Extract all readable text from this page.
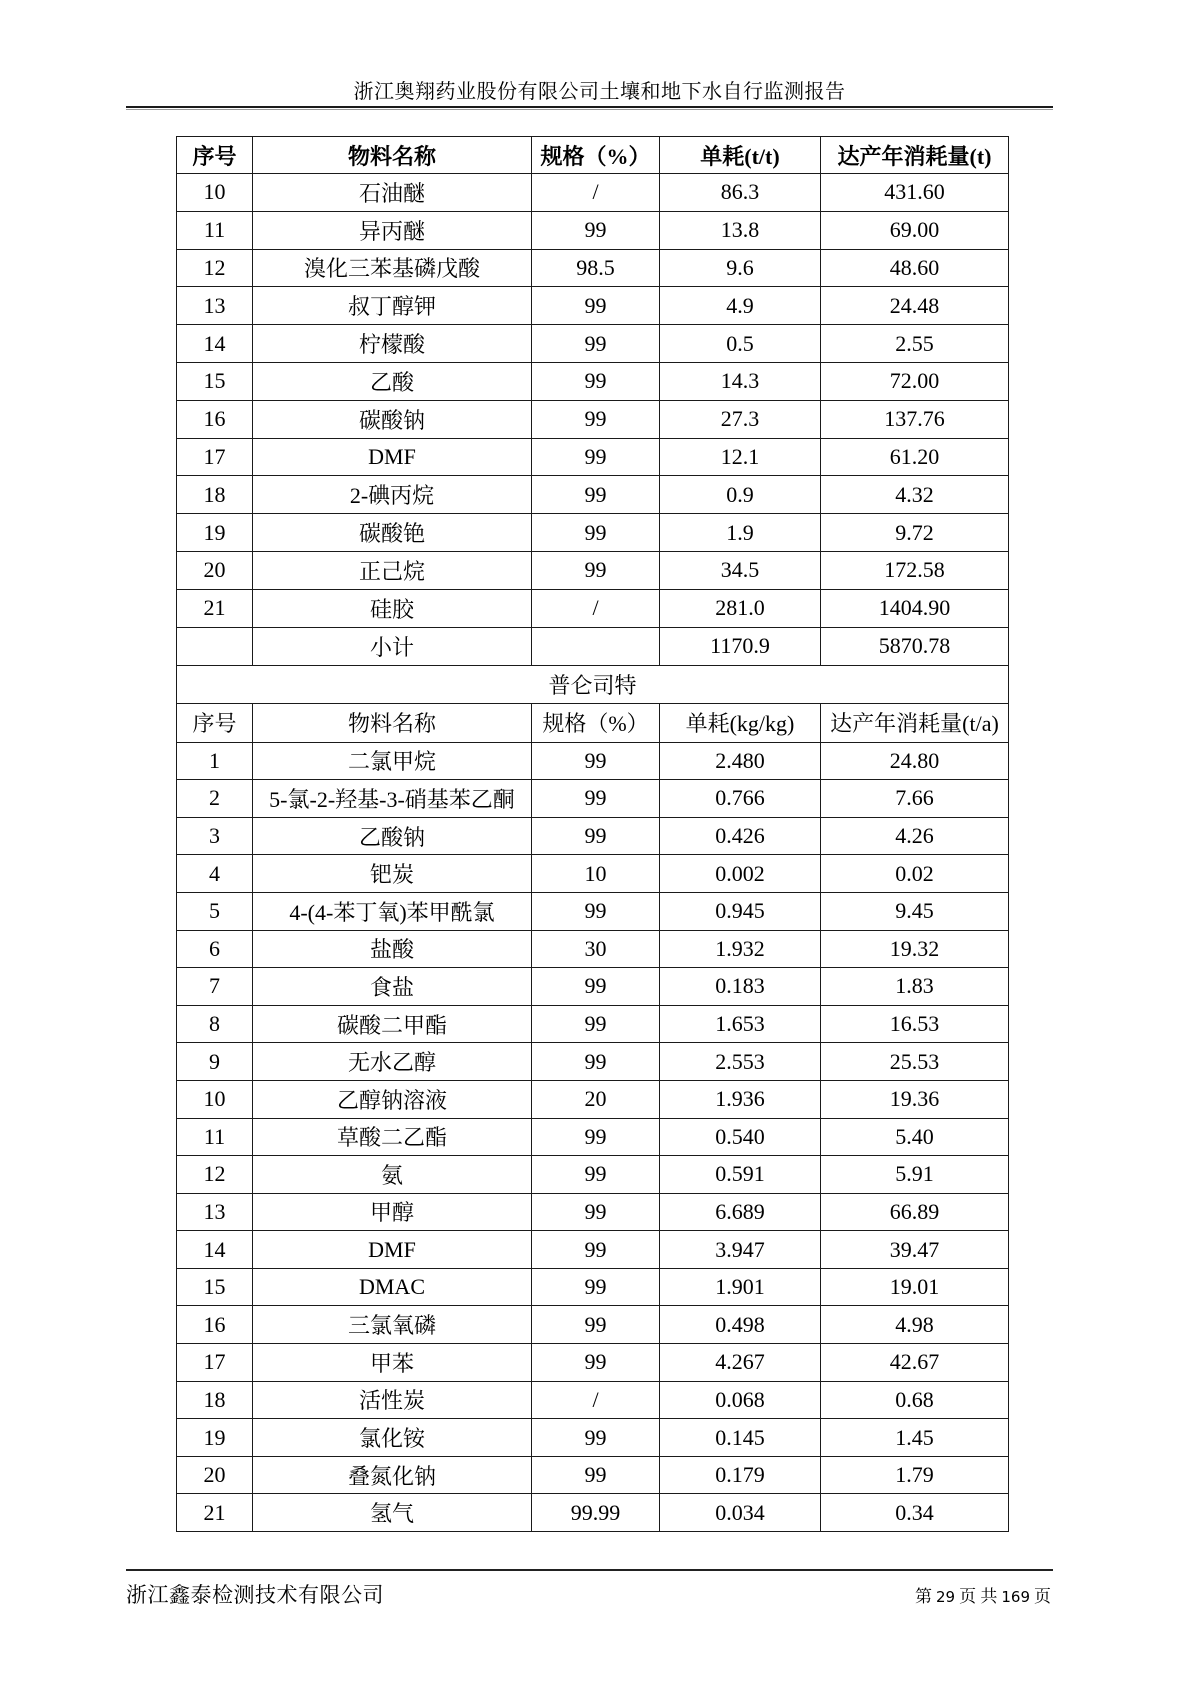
浙江奥翔药业股份有限公司土壤和地下水自行监测报告
序号	物料名称	规格（%）	单耗(t/t)	达产年消耗量(t)
10	石油醚	/	86.3	431.60
11	异丙醚	99	13.8	69.00
12	溴化三苯基磷戊酸	98.5	9.6	48.60
13	叔丁醇钾	99	4.9	24.48
14	柠檬酸	99	0.5	2.55
15	乙酸	99	14.3	72.00
16	碳酸钠	99	27.3	137.76
17	DMF	99	12.1	61.20
18	2-碘丙烷	99	0.9	4.32
19	碳酸铯	99	1.9	9.72
20	正己烷	99	34.5	172.58
21	硅胶	/	281.0	1404.90
	小计		1170.9	5870.78
普仑司特				
序号	物料名称	规格（%）	单耗(kg/kg)	达产年消耗量(t/a)
1	二氯甲烷	99	2.480	24.80
2	5-氯-2-羟基-3-硝基苯乙酮	99	0.766	7.66
3	乙酸钠	99	0.426	4.26
4	钯炭	10	0.002	0.02
5	4-(4-苯丁氧)苯甲酰氯	99	0.945	9.45
6	盐酸	30	1.932	19.32
7	食盐	99	0.183	1.83
8	碳酸二甲酯	99	1.653	16.53
9	无水乙醇	99	2.553	25.53
10	乙醇钠溶液	20	1.936	19.36
11	草酸二乙酯	99	0.540	5.40
12	氨	99	0.591	5.91
13	甲醇	99	6.689	66.89
14	DMF	99	3.947	39.47
15	DMAC	99	1.901	19.01
16	三氯氧磷	99	0.498	4.98
17	甲苯	99	4.267	42.67
18	活性炭	/	0.068	0.68
19	氯化铵	99	0.145	1.45
20	叠氮化钠	99	0.179	1.79
21	氢气	99.99	0.034	0.34
浙江鑫泰检测技术有限公司	第 29 页 共 169 页
